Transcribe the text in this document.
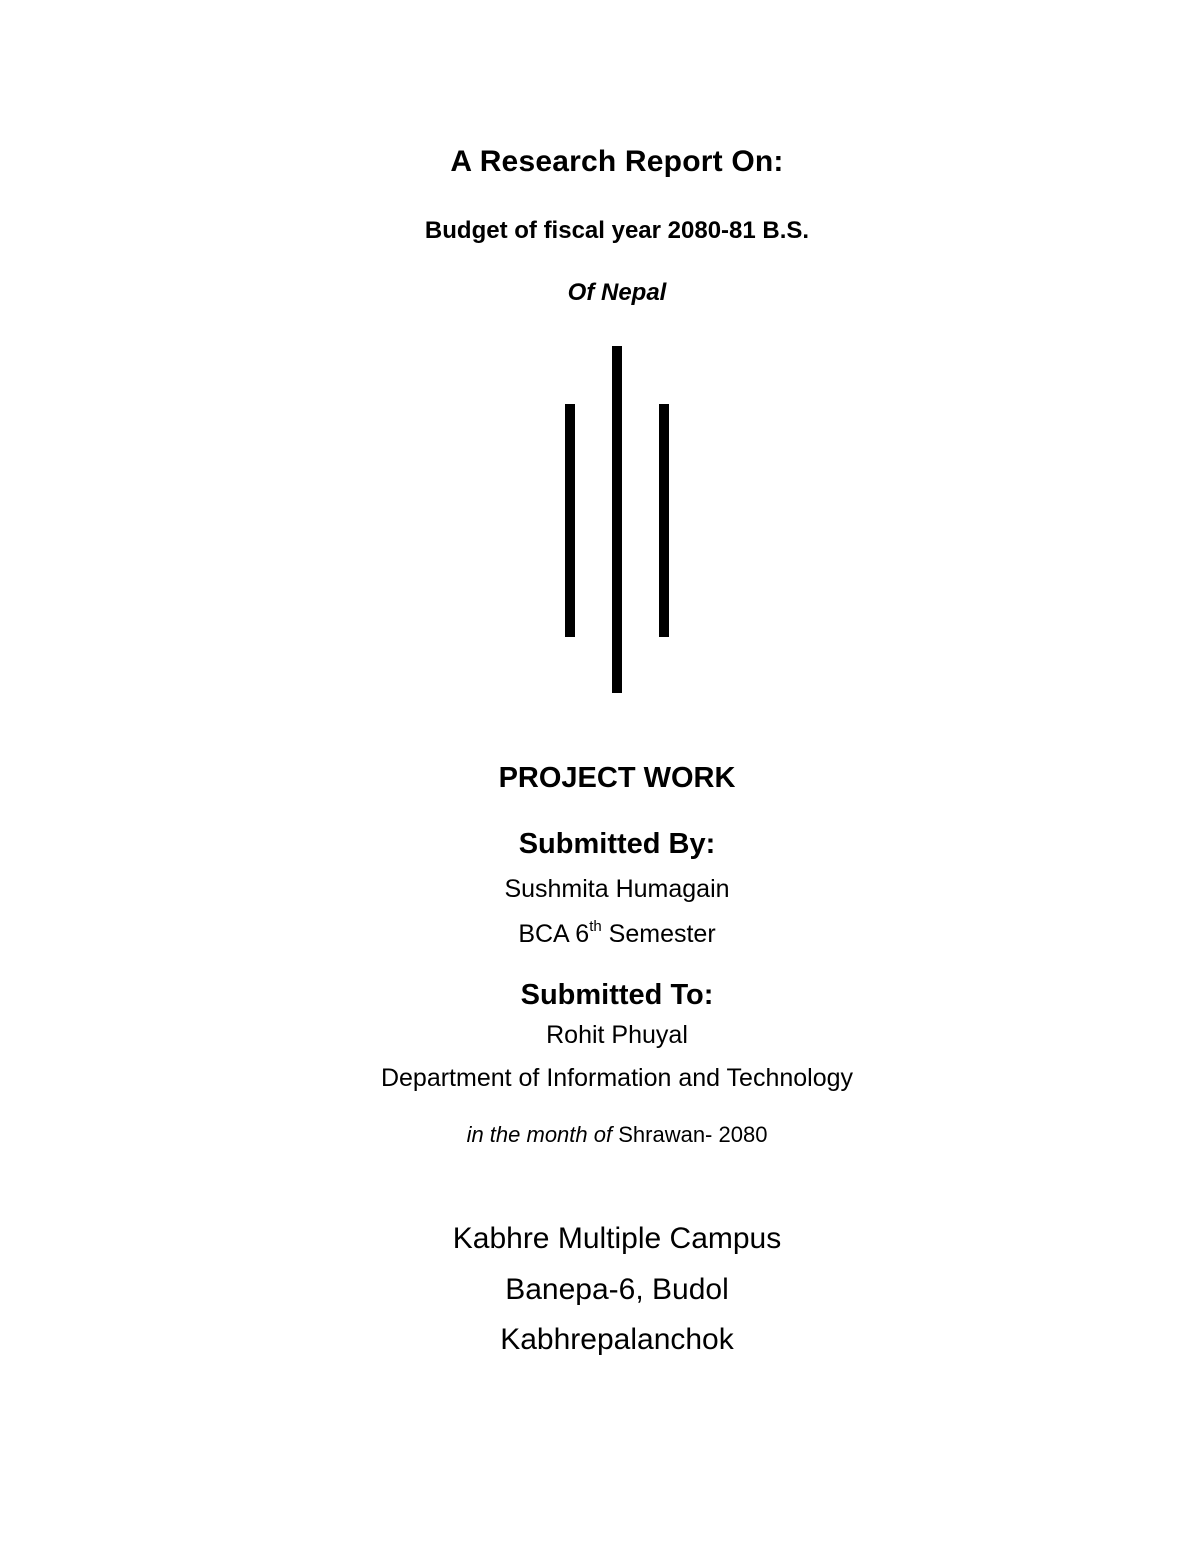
A Research Report On:
Budget of fiscal year 2080-81 B.S.
Of Nepal
PROJECT WORK
Submitted By:
Sushmita Humagain
BCA 6th Semester
Submitted To:
Rohit Phuyal
Department of Information and Technology
in the month of Shrawan- 2080
Kabhre Multiple Campus
Banepa-6, Budol
Kabhrepalanchok
